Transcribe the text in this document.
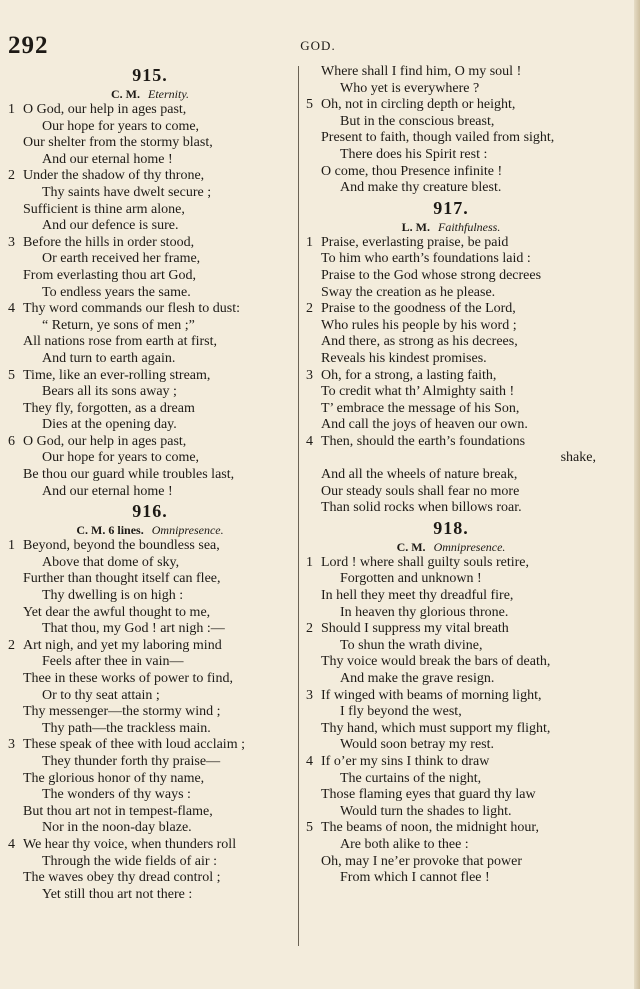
292	GOD.
915.
C. M. Eternity.
1 O God, our help in ages past,
Our hope for years to come,
Our shelter from the stormy blast,
And our eternal home !
2 Under the shadow of thy throne,
Thy saints have dwelt secure ;
Sufficient is thine arm alone,
And our defence is sure.
3 Before the hills in order stood,
Or earth received her frame,
From everlasting thou art God,
To endless years the same.
4 Thy word commands our flesh to dust:
“ Return, ye sons of men ;”
All nations rose from earth at first,
And turn to earth again.
5 Time, like an ever-rolling stream,
Bears all its sons away ;
They fly, forgotten, as a dream
Dies at the opening day.
6 O God, our help in ages past,
Our hope for years to come,
Be thou our guard while troubles last,
And our eternal home !
916.
C. M. 6 lines. Omnipresence.
1 Beyond, beyond the boundless sea,
Above that dome of sky,
Further than thought itself can flee,
Thy dwelling is on high :
Yet dear the awful thought to me,
That thou, my God ! art nigh :—
2 Art nigh, and yet my laboring mind
Feels after thee in vain—
Thee in these works of power to find,
Or to thy seat attain ;
Thy messenger—the stormy wind ;
Thy path—the trackless main.
3 These speak of thee with loud acclaim ;
They thunder forth thy praise—
The glorious honor of thy name,
The wonders of thy ways :
But thou art not in tempest-flame,
Nor in the noon-day blaze.
4 We hear thy voice, when thunders roll
Through the wide fields of air :
The waves obey thy dread control ;
Yet still thou art not there :
Where shall I find him, O my soul !
Who yet is everywhere ?
5 Oh, not in circling depth or height,
But in the conscious breast,
Present to faith, though vailed from sight,
There does his Spirit rest :
O come, thou Presence infinite !
And make thy creature blest.
917.
L. M. Faithfulness.
1 Praise, everlasting praise, be paid
To him who earth’s foundations laid :
Praise to the God whose strong decrees
Sway the creation as he please.
2 Praise to the goodness of the Lord,
Who rules his people by his word ;
And there, as strong as his decrees,
Reveals his kindest promises.
3 Oh, for a strong, a lasting faith,
To credit what th’ Almighty saith !
T’ embrace the message of his Son,
And call the joys of heaven our own.
4 Then, should the earth’s foundations
shake,
And all the wheels of nature break,
Our steady souls shall fear no more
Than solid rocks when billows roar.
918.
C. M. Omnipresence.
1 Lord ! where shall guilty souls retire,
Forgotten and unknown !
In hell they meet thy dreadful fire,
In heaven thy glorious throne.
2 Should I suppress my vital breath
To shun the wrath divine,
Thy voice would break the bars of death,
And make the grave resign.
3 If winged with beams of morning light,
I fly beyond the west,
Thy hand, which must support my flight,
Would soon betray my rest.
4 If o’er my sins I think to draw
The curtains of the night,
Those flaming eyes that guard thy law
Would turn the shades to light.
5 The beams of noon, the midnight hour,
Are both alike to thee :
Oh, may I ne’er provoke that power
From which I cannot flee !
